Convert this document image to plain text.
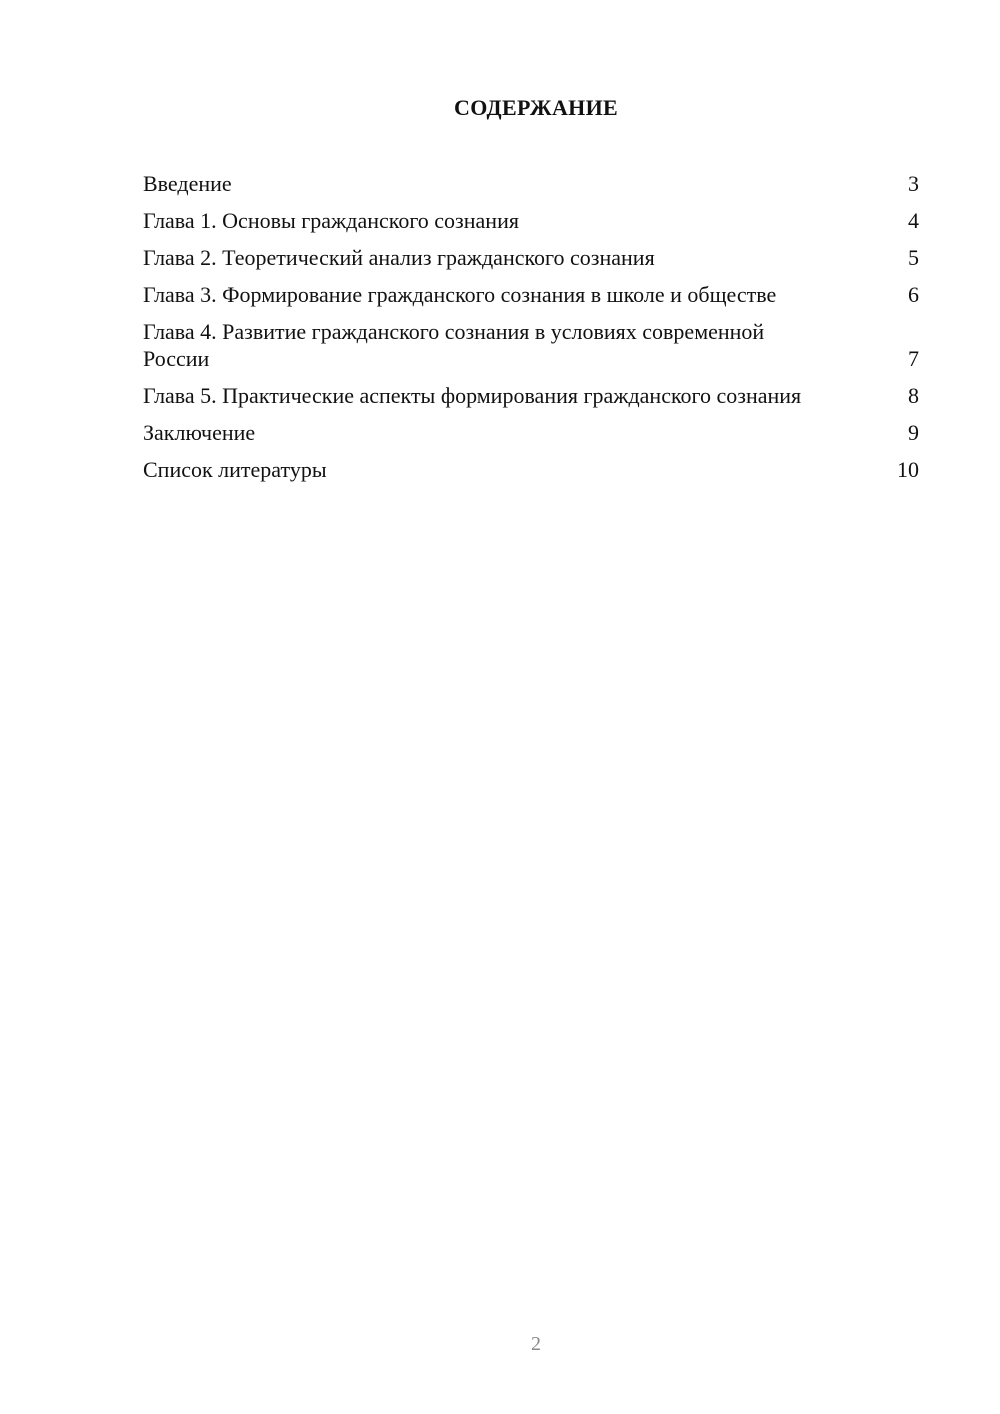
СОДЕРЖАНИЕ
Введение	3
Глава 1. Основы гражданского сознания	4
Глава 2. Теоретический анализ гражданского сознания	5
Глава 3. Формирование гражданского сознания в школе и обществе	6
Глава 4. Развитие гражданского сознания в условиях современной России	7
Глава 5. Практические аспекты формирования гражданского сознания	8
Заключение	9
Список литературы	10
2
